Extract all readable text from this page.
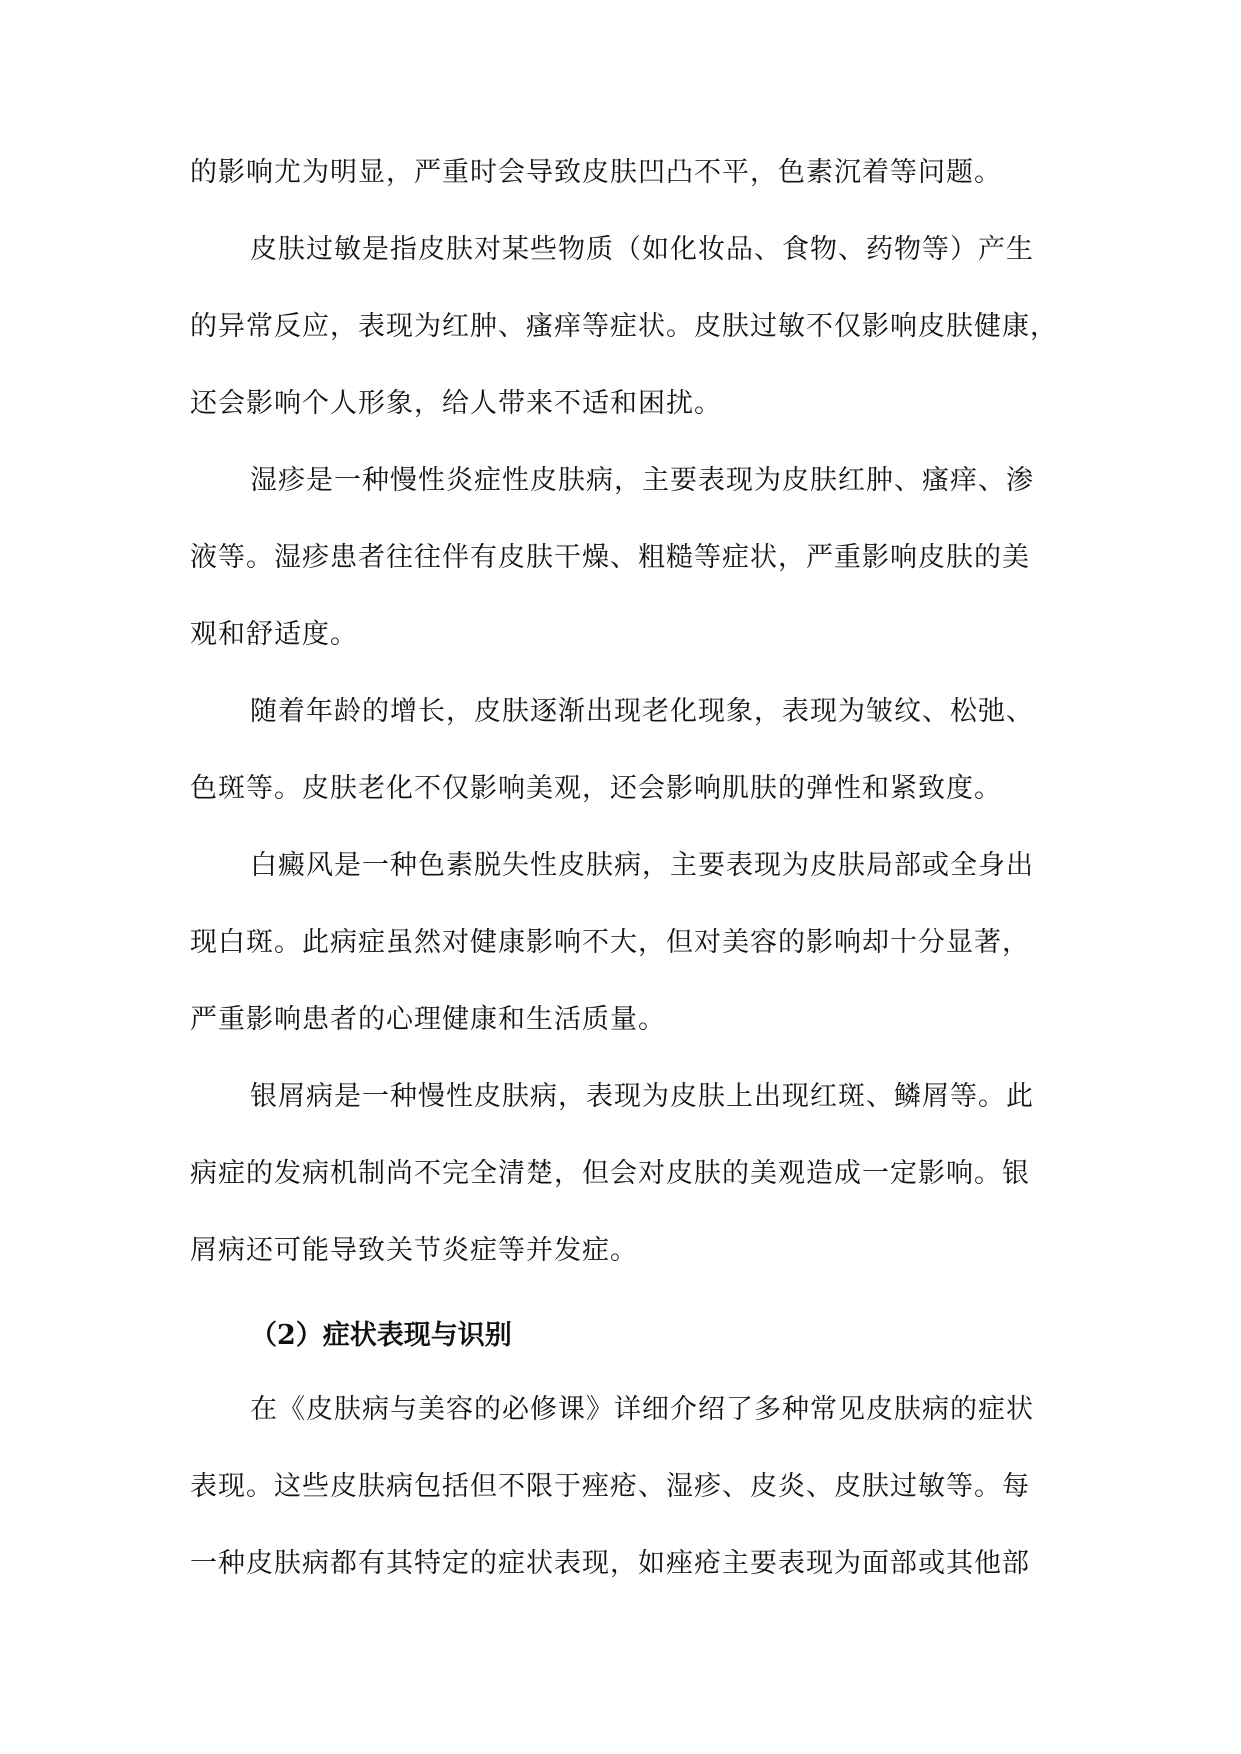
的影响尤为明显，严重时会导致皮肤凹凸不平，色素沉着等问题。
皮肤过敏是指皮肤对某些物质（如化妆品、食物、药物等）产生
的异常反应，表现为红肿、瘙痒等症状。皮肤过敏不仅影响皮肤健康，
还会影响个人形象，给人带来不适和困扰。
湿疹是一种慢性炎症性皮肤病，主要表现为皮肤红肿、瘙痒、渗
液等。湿疹患者往往伴有皮肤干燥、粗糙等症状，严重影响皮肤的美
观和舒适度。
随着年龄的增长，皮肤逐渐出现老化现象，表现为皱纹、松弛、
色斑等。皮肤老化不仅影响美观，还会影响肌肤的弹性和紧致度。
白癜风是一种色素脱失性皮肤病，主要表现为皮肤局部或全身出
现白斑。此病症虽然对健康影响不大，但对美容的影响却十分显著，
严重影响患者的心理健康和生活质量。
银屑病是一种慢性皮肤病，表现为皮肤上出现红斑、鳞屑等。此
病症的发病机制尚不完全清楚，但会对皮肤的美观造成一定影响。银
屑病还可能导致关节炎症等并发症。
（2）症状表现与识别
在《皮肤病与美容的必修课》详细介绍了多种常见皮肤病的症状
表现。这些皮肤病包括但不限于痤疮、湿疹、皮炎、皮肤过敏等。每
一种皮肤病都有其特定的症状表现，如痤疮主要表现为面部或其他部
